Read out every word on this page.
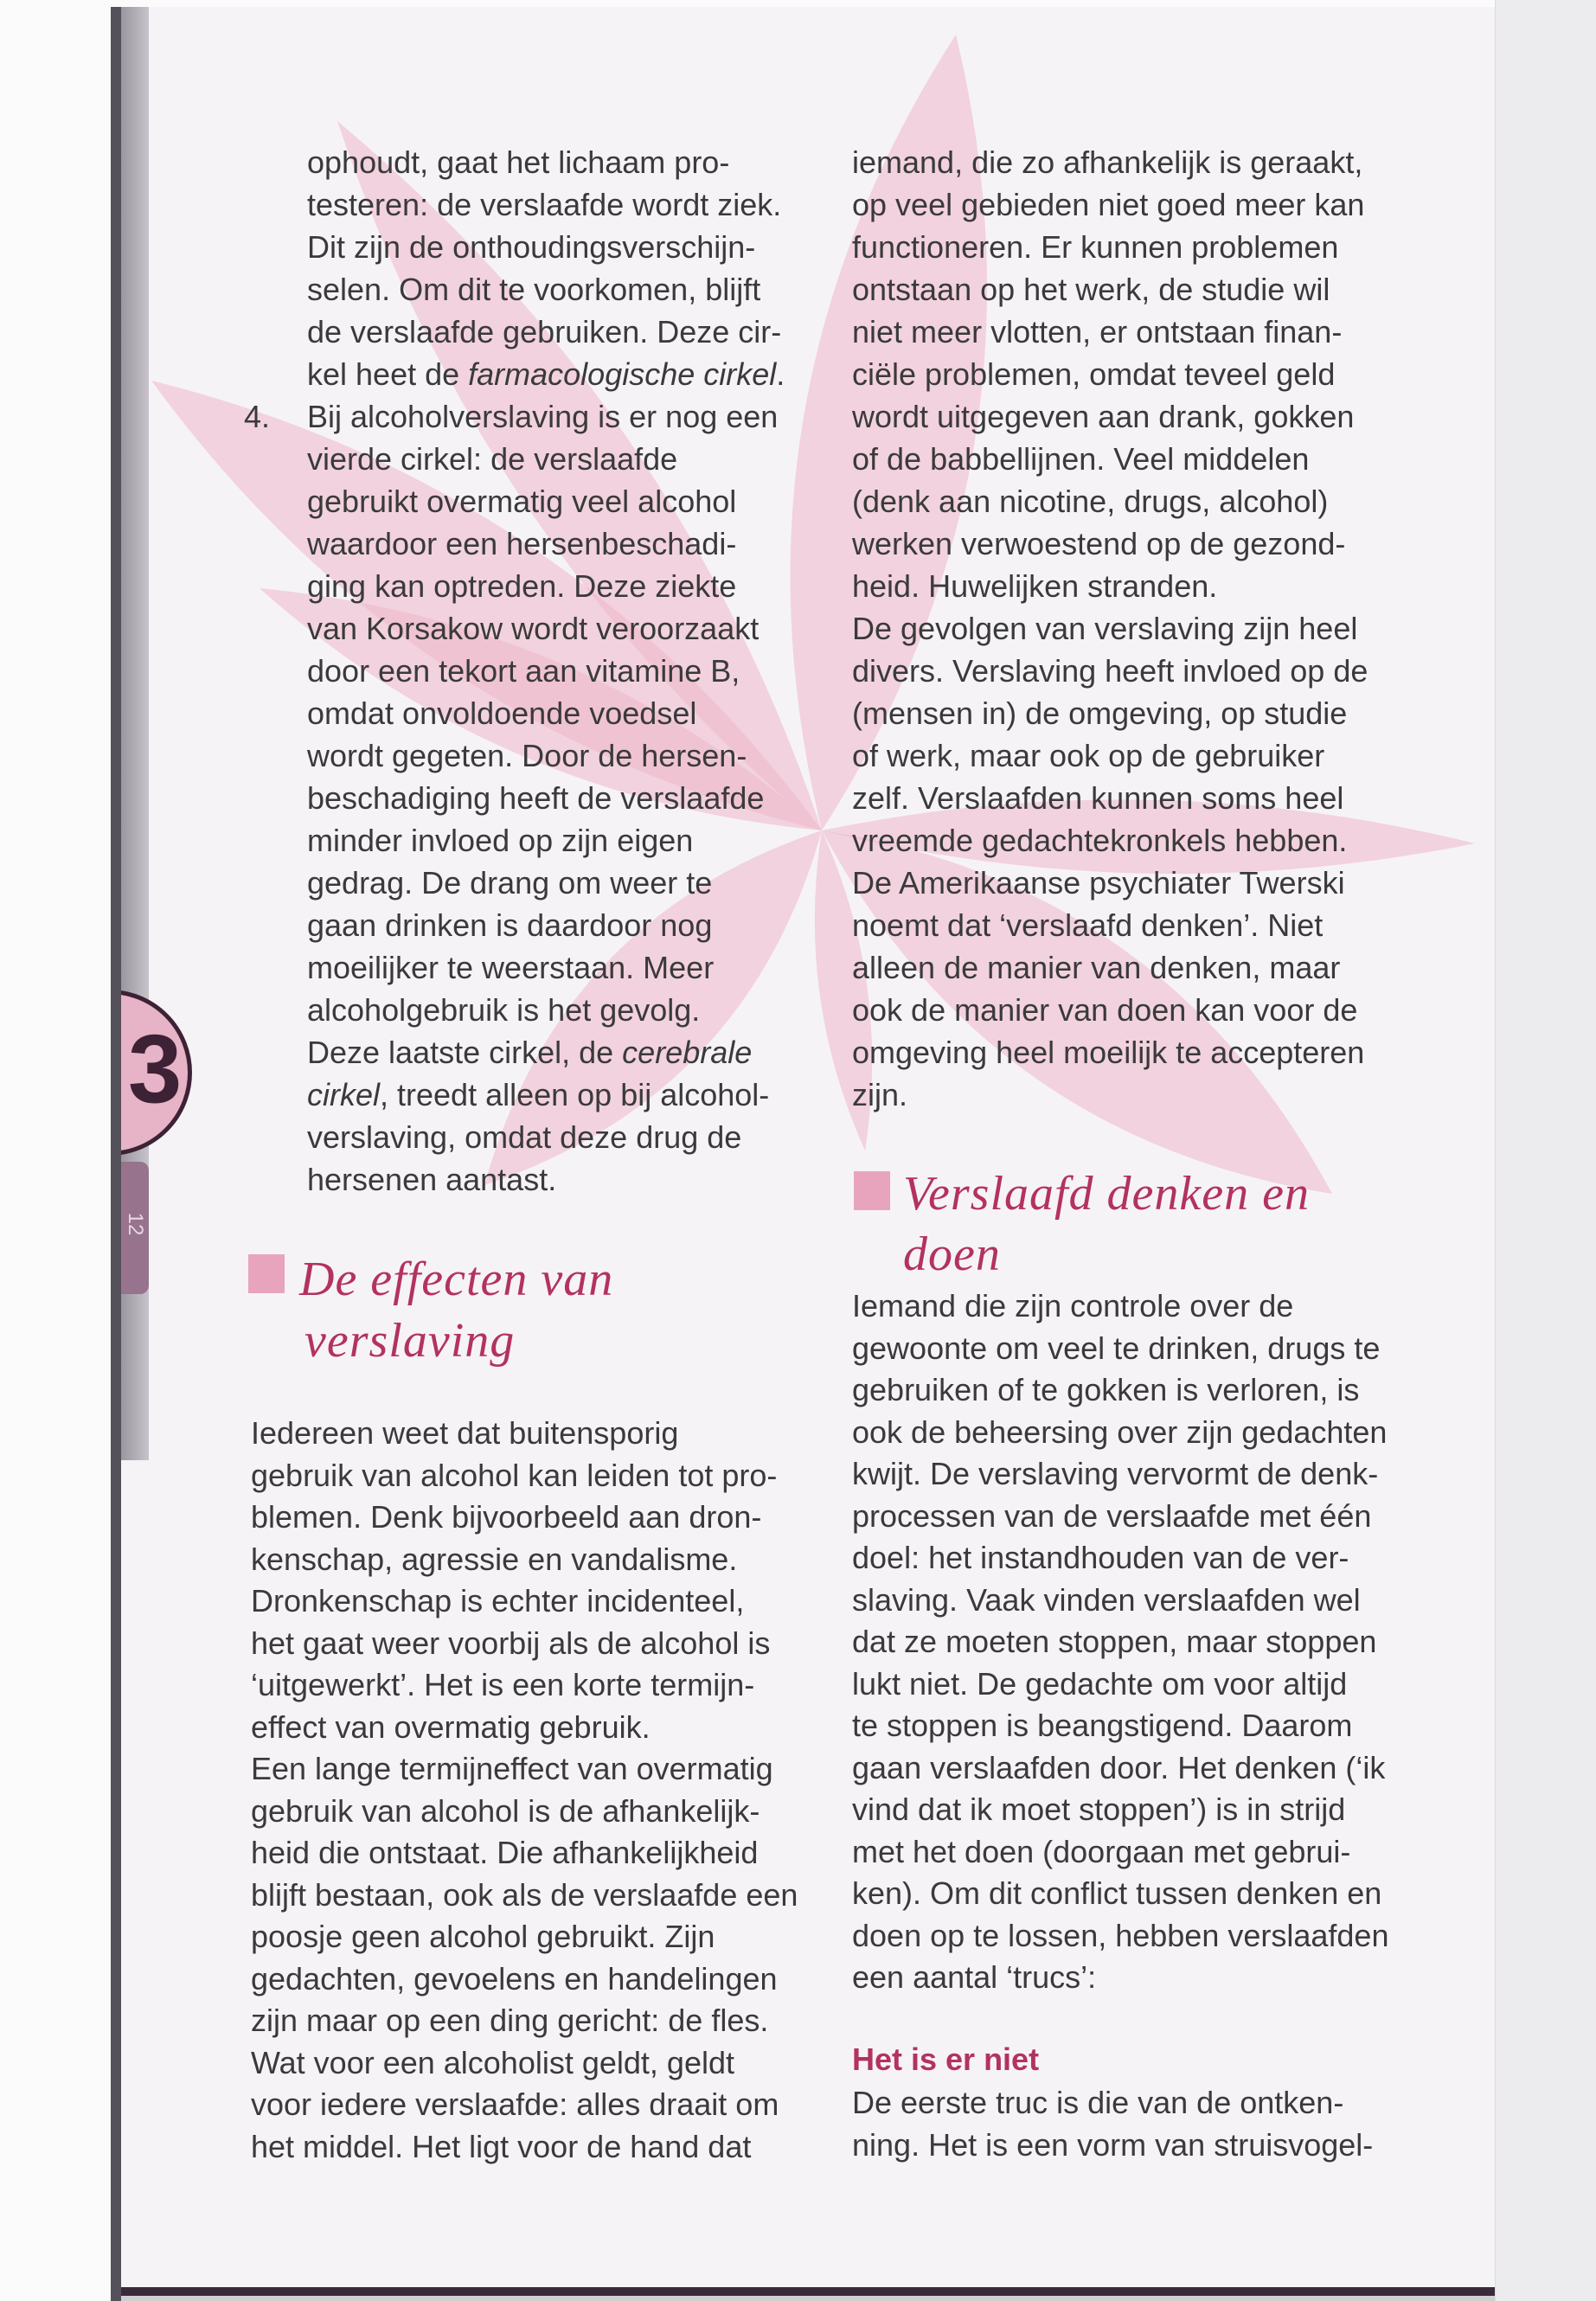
3
12
ophoudt, gaat het lichaam pro-
testeren: de verslaafde wordt ziek.
Dit zijn de onthoudingsverschijn-
selen. Om dit te voorkomen, blijft
de verslaafde gebruiken. Deze cir-
kel heet de farmacologische cirkel.
4. Bij alcoholverslaving is er nog een
vierde cirkel: de verslaafde
gebruikt overmatig veel alcohol
waardoor een hersenbeschadi-
ging kan optreden. Deze ziekte
van Korsakow wordt veroorzaakt
door een tekort aan vitamine B,
omdat onvoldoende voedsel
wordt gegeten. Door de hersen-
beschadiging heeft de verslaafde
minder invloed op zijn eigen
gedrag. De drang om weer te
gaan drinken is daardoor nog
moeilijker te weerstaan. Meer
alcoholgebruik is het gevolg.
Deze laatste cirkel, de cerebrale
cirkel, treedt alleen op bij alcohol-
verslaving, omdat deze drug de
hersenen aantast.
De effecten van
verslaving
Iedereen weet dat buitensporig
gebruik van alcohol kan leiden tot pro-
blemen. Denk bijvoorbeeld aan dron-
kenschap, agressie en vandalisme.
Dronkenschap is echter incidenteel,
het gaat weer voorbij als de alcohol is
‘uitgewerkt’. Het is een korte termijn-
effect van overmatig gebruik.
Een lange termijneffect van overmatig
gebruik van alcohol is de afhankelijk-
heid die ontstaat. Die afhankelijkheid
blijft bestaan, ook als de verslaafde een
poosje geen alcohol gebruikt. Zijn
gedachten, gevoelens en handelingen
zijn maar op een ding gericht: de fles.
Wat voor een alcoholist geldt, geldt
voor iedere verslaafde: alles draait om
het middel. Het ligt voor de hand dat
iemand, die zo afhankelijk is geraakt,
op veel gebieden niet goed meer kan
functioneren. Er kunnen problemen
ontstaan op het werk, de studie wil
niet meer vlotten, er ontstaan finan-
ciële problemen, omdat teveel geld
wordt uitgegeven aan drank, gokken
of de babbellijnen. Veel middelen
(denk aan nicotine, drugs, alcohol)
werken verwoestend op de gezond-
heid. Huwelijken stranden.
De gevolgen van verslaving zijn heel
divers. Verslaving heeft invloed op de
(mensen in) de omgeving, op studie
of werk, maar ook op de gebruiker
zelf. Verslaafden kunnen soms heel
vreemde gedachtekronkels hebben.
De Amerikaanse psychiater Twerski
noemt dat ‘verslaafd denken’. Niet
alleen de manier van denken, maar
ook de manier van doen kan voor de
omgeving heel moeilijk te accepteren
zijn.
Verslaafd denken en
doen
Iemand die zijn controle over de
gewoonte om veel te drinken, drugs te
gebruiken of te gokken is verloren, is
ook de beheersing over zijn gedachten
kwijt. De verslaving vervormt de denk-
processen van de verslaafde met één
doel: het instandhouden van de ver-
slaving. Vaak vinden verslaafden wel
dat ze moeten stoppen, maar stoppen
lukt niet. De gedachte om voor altijd
te stoppen is beangstigend. Daarom
gaan verslaafden door. Het denken (‘ik
vind dat ik moet stoppen’) is in strijd
met het doen (doorgaan met gebrui-
ken). Om dit conflict tussen denken en
doen op te lossen, hebben verslaafden
een aantal ‘trucs’:
Het is er niet
De eerste truc is die van de ontken-
ning. Het is een vorm van struisvogel-
